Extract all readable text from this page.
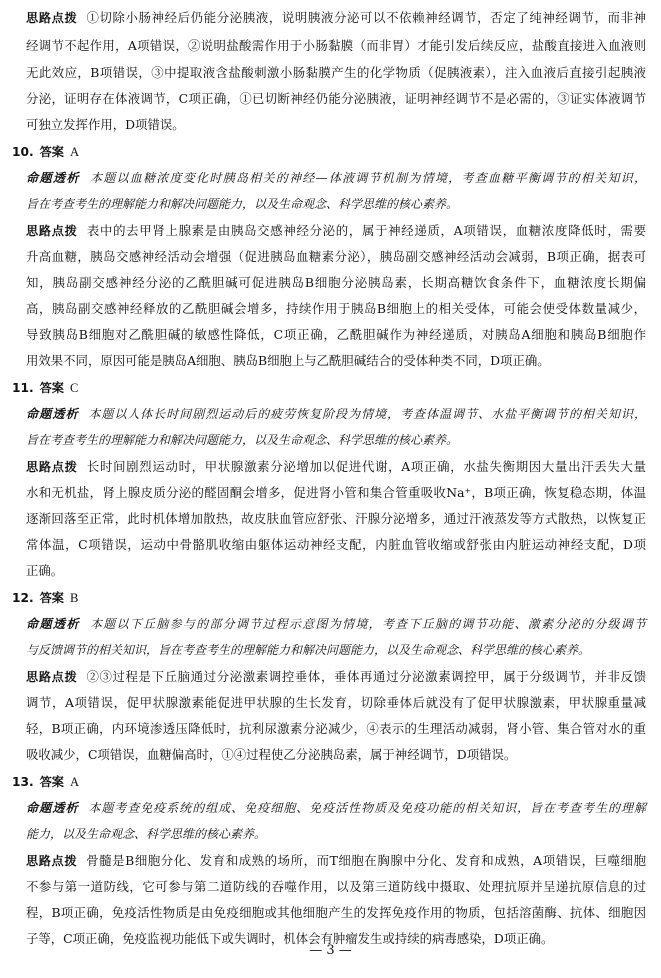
思路点拨 ①切除小肠神经后仍能分泌胰液，说明胰液分泌可以不依赖神经调节，否定了纯神经调节，而非神
经调节不起作用，A项错误，②说明盐酸需作用于小肠黏膜（而非胃）才能引发后续反应，盐酸直接进入血液则
无此效应，B项错误，③中提取液含盐酸刺激小肠黏膜产生的化学物质（促胰液素），注入血液后直接引起胰液
分泌，证明存在体液调节，C项正确，①已切断神经仍能分泌胰液，证明神经调节不是必需的，③证实体液调节
可独立发挥作用，D项错误。
10. 答案 A
命题透析 本题以血糖浓度变化时胰岛相关的神经—体液调节机制为情境，考查血糖平衡调节的相关知识，
旨在考查考生的理解能力和解决问题能力，以及生命观念、科学思维的核心素养。
思路点拨 表中的去甲肾上腺素是由胰岛交感神经分泌的，属于神经递质，A项错误，血糖浓度降低时，需要
升高血糖，胰岛交感神经活动会增强（促进胰岛血糖素分泌），胰岛副交感神经活动会减弱，B项正确，据表可
知，胰岛副交感神经分泌的乙酰胆碱可促进胰岛B细胞分泌胰岛素，长期高糖饮食条件下，血糖浓度长期偏
高，胰岛副交感神经释放的乙酰胆碱会增多，持续作用于胰岛B细胞上的相关受体，可能会使受体数量减少，
导致胰岛B细胞对乙酰胆碱的敏感性降低，C项正确，乙酰胆碱作为神经递质，对胰岛A细胞和胰岛B细胞作
用效果不同，原因可能是胰岛A细胞、胰岛B细胞上与乙酰胆碱结合的受体种类不同，D项正确。
11. 答案 C
命题透析 本题以人体长时间剧烈运动后的疲劳恢复阶段为情境，考查体温调节、水盐平衡调节的相关知识，
旨在考查考生的理解能力和解决问题能力，以及生命观念、科学思维的核心素养。
思路点拨 长时间剧烈运动时，甲状腺激素分泌增加以促进代谢，A项正确，水盐失衡期因大量出汗丢失大量
水和无机盐，肾上腺皮质分泌的醛固酮会增多，促进肾小管和集合管重吸收Na⁺，B项正确，恢复稳态期，体温
逐渐回落至正常，此时机体增加散热，故皮肤血管应舒张、汗腺分泌增多，通过汗液蒸发等方式散热，以恢复正
常体温，C项错误，运动中骨骼肌收缩由躯体运动神经支配，内脏血管收缩或舒张由内脏运动神经支配，D项
正确。
12. 答案 B
命题透析 本题以下丘脑参与的部分调节过程示意图为情境，考查下丘脑的调节功能、激素分泌的分级调节
与反馈调节的相关知识，旨在考查考生的理解能力和解决问题能力，以及生命观念、科学思维的核心素养。
思路点拨 ②③过程是下丘脑通过分泌激素调控垂体，垂体再通过分泌激素调控甲，属于分级调节，并非反馈
调节，A项错误，促甲状腺激素能促进甲状腺的生长发育，切除垂体后就没有了促甲状腺激素，甲状腺重量减
轻，B项正确，内环境渗透压降低时，抗利尿激素分泌减少，④表示的生理活动减弱，肾小管、集合管对水的重
吸收减少，C项错误，血糖偏高时，①④过程使乙分泌胰岛素，属于神经调节，D项错误。
13. 答案 A
命题透析 本题考查免疫系统的组成、免疫细胞、免疫活性物质及免疫功能的相关知识，旨在考查考生的理解
能力，以及生命观念、科学思维的核心素养。
思路点拨 骨髓是B细胞分化、发育和成熟的场所，而T细胞在胸腺中分化、发育和成熟，A项错误，巨噬细胞
不参与第一道防线，它可参与第二道防线的吞噬作用，以及第三道防线中摄取、处理抗原并呈递抗原信息的过
程，B项正确，免疫活性物质是由免疫细胞或其他细胞产生的发挥免疫作用的物质，包括溶菌酶、抗体、细胞因
子等，C项正确，免疫监视功能低下或失调时，机体会有肿瘤发生或持续的病毒感染，D项正确。
— 3 —
